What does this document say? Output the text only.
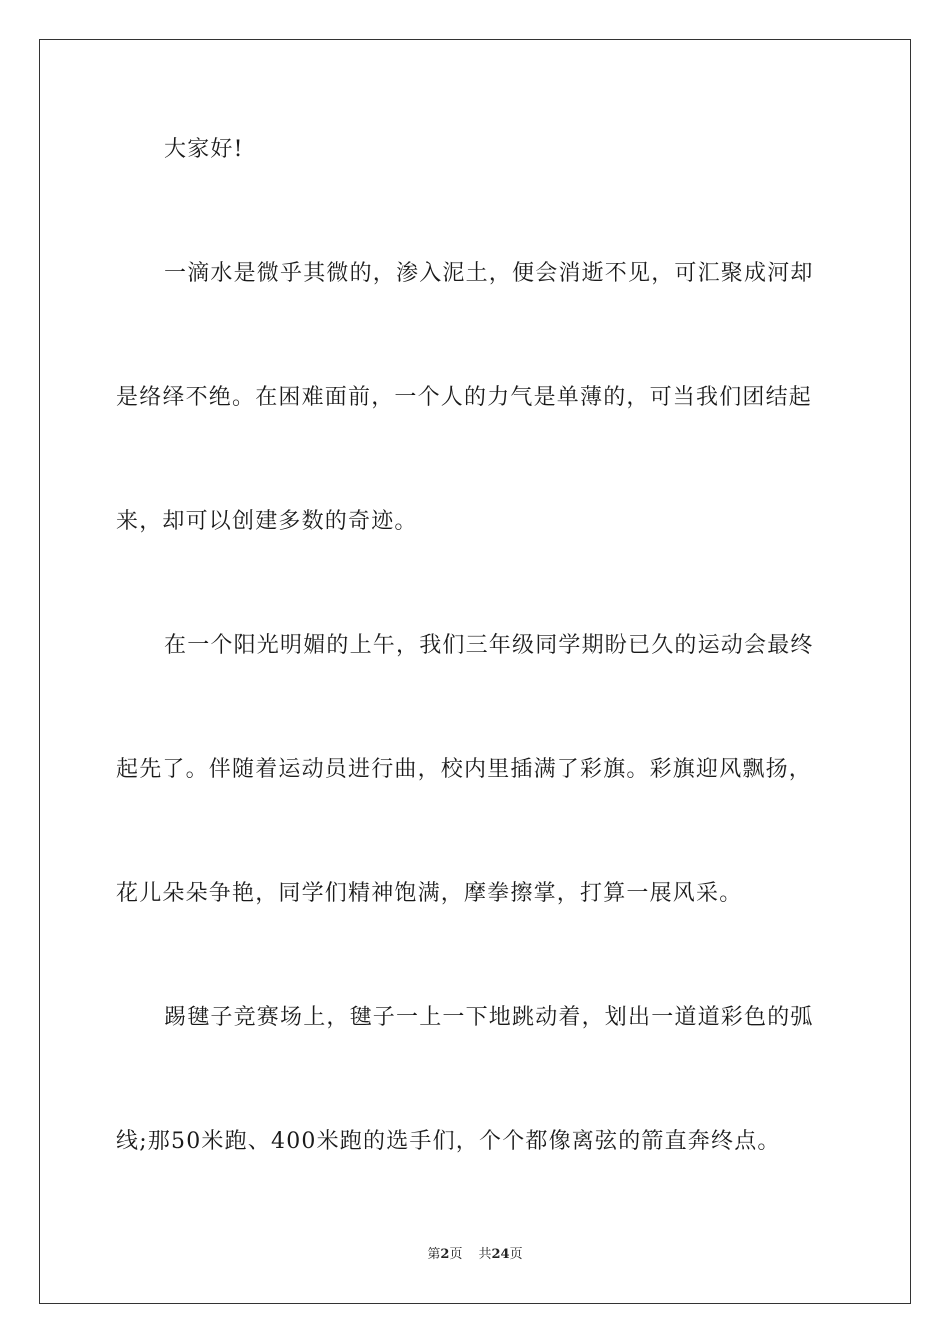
大家好!
一滴水是微乎其微的，渗入泥土，便会消逝不见，可汇聚成河却
是络绎不绝。在困难面前，一个人的力气是单薄的，可当我们团结起
来，却可以创建多数的奇迹。
在一个阳光明媚的上午，我们三年级同学期盼已久的运动会最终
起先了。伴随着运动员进行曲，校内里插满了彩旗。彩旗迎风飘扬，
花儿朵朵争艳，同学们精神饱满，摩拳擦掌，打算一展风采。
踢毽子竞赛场上，毽子一上一下地跳动着，划出一道道彩色的弧
线;那50米跑、400米跑的选手们，个个都像离弦的箭直奔终点。
第2页 共24页
